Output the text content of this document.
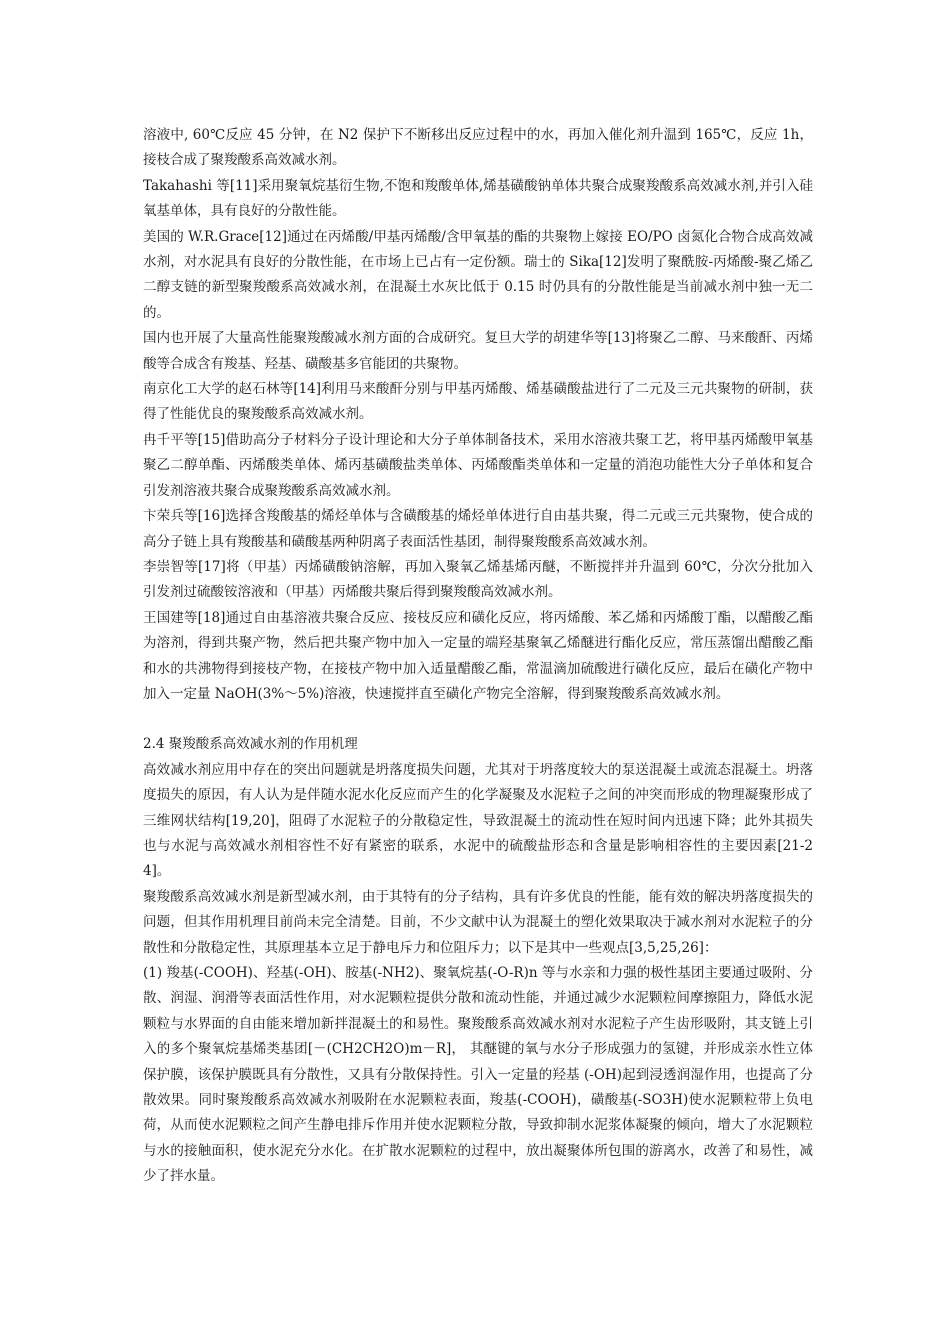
溶液中, 60℃反应 45 分钟，在 N2 保护下不断移出反应过程中的水，再加入催化剂升温到 165℃，反应 1h，接枝合成了聚羧酸系高效减水剂。

Takahashi 等[11]采用聚氧烷基衍生物,不饱和羧酸单体,烯基磺酸钠单体共聚合成聚羧酸系高效减水剂,并引入硅氧基单体，具有良好的分散性能。

美国的 W.R.Grace[12]通过在丙烯酸/甲基丙烯酸/含甲氧基的酯的共聚物上嫁接 EO/PO 卤氮化合物合成高效减水剂，对水泥具有良好的分散性能，在市场上已占有一定份额。瑞士的 Sika[12]发明了聚酰胺-丙烯酸-聚乙烯乙二醇支链的新型聚羧酸系高效减水剂，在混凝土水灰比低于 0.15 时仍具有的分散性能是当前减水剂中独一无二的。

国内也开展了大量高性能聚羧酸减水剂方面的合成研究。复旦大学的胡建华等[13]将聚乙二醇、马来酸酐、丙烯酸等合成含有羧基、羟基、磺酸基多官能团的共聚物。

南京化工大学的赵石林等[14]利用马来酸酐分别与甲基丙烯酸、烯基磺酸盐进行了二元及三元共聚物的研制，获得了性能优良的聚羧酸系高效减水剂。

冉千平等[15]借助高分子材料分子设计理论和大分子单体制备技术，采用水溶液共聚工艺，将甲基丙烯酸甲氧基聚乙二醇单酯、丙烯酸类单体、烯丙基磺酸盐类单体、丙烯酸酯类单体和一定量的消泡功能性大分子单体和复合引发剂溶液共聚合成聚羧酸系高效减水剂。

卞荣兵等[16]选择含羧酸基的烯烃单体与含磺酸基的烯烃单体进行自由基共聚，得二元或三元共聚物，使合成的高分子链上具有羧酸基和磺酸基两种阴离子表面活性基团，制得聚羧酸系高效减水剂。

李崇智等[17]将（甲基）丙烯磺酸钠溶解，再加入聚氧乙烯基烯丙醚，不断搅拌并升温到 60℃，分次分批加入引发剂过硫酸铵溶液和（甲基）丙烯酸共聚后得到聚羧酸高效减水剂。

王国建等[18]通过自由基溶液共聚合反应、接枝反应和磺化反应，将丙烯酸、苯乙烯和丙烯酸丁酯，以醋酸乙酯为溶剂，得到共聚产物，然后把共聚产物中加入一定量的端羟基聚氧乙烯醚进行酯化反应，常压蒸馏出醋酸乙酯和水的共沸物得到接枝产物，在接枝产物中加入适量醋酸乙酯，常温滴加硫酸进行磺化反应，最后在磺化产物中加入一定量 NaOH(3%～5%)溶液，快速搅拌直至磺化产物完全溶解，得到聚羧酸系高效减水剂。

2.4 聚羧酸系高效减水剂的作用机理

高效减水剂应用中存在的突出问题就是坍落度损失问题，尤其对于坍落度较大的泵送混凝土或流态混凝土。坍落度损失的原因，有人认为是伴随水泥水化反应而产生的化学凝聚及水泥粒子之间的冲突而形成的物理凝聚形成了三维网状结构[19,20]，阻碍了水泥粒子的分散稳定性，导致混凝土的流动性在短时间内迅速下降；此外其损失也与水泥与高效减水剂相容性不好有紧密的联系，水泥中的硫酸盐形态和含量是影响相容性的主要因素[21-24]。

聚羧酸系高效减水剂是新型减水剂，由于其特有的分子结构，具有许多优良的性能，能有效的解决坍落度损失的问题，但其作用机理目前尚未完全清楚。目前，不少文献中认为混凝土的塑化效果取决于减水剂对水泥粒子的分散性和分散稳定性，其原理基本立足于静电斥力和位阻斥力；以下是其中一些观点[3,5,25,26]：

(1) 羧基(-COOH)、羟基(-OH)、胺基(-NH2)、聚氧烷基(-O-R)n 等与水亲和力强的极性基团主要通过吸附、分散、润湿、润滑等表面活性作用，对水泥颗粒提供分散和流动性能，并通过减少水泥颗粒间摩擦阻力，降低水泥颗粒与水界面的自由能来增加新拌混凝土的和易性。聚羧酸系高效减水剂对水泥粒子产生齿形吸附，其支链上引入的多个聚氧烷基烯类基团[－(CH2CH2O)m－R]， 其醚键的氧与水分子形成强力的氢键，并形成亲水性立体保护膜，该保护膜既具有分散性，又具有分散保持性。引入一定量的羟基 (-OH)起到浸透润湿作用，也提高了分散效果。同时聚羧酸系高效减水剂吸附在水泥颗粒表面，羧基(-COOH)，磺酸基(-SO3H)使水泥颗粒带上负电荷，从而使水泥颗粒之间产生静电排斥作用并使水泥颗粒分散，导致抑制水泥浆体凝聚的倾向，增大了水泥颗粒与水的接触面积，使水泥充分水化。在扩散水泥颗粒的过程中，放出凝聚体所包围的游离水，改善了和易性，减少了拌水量。
